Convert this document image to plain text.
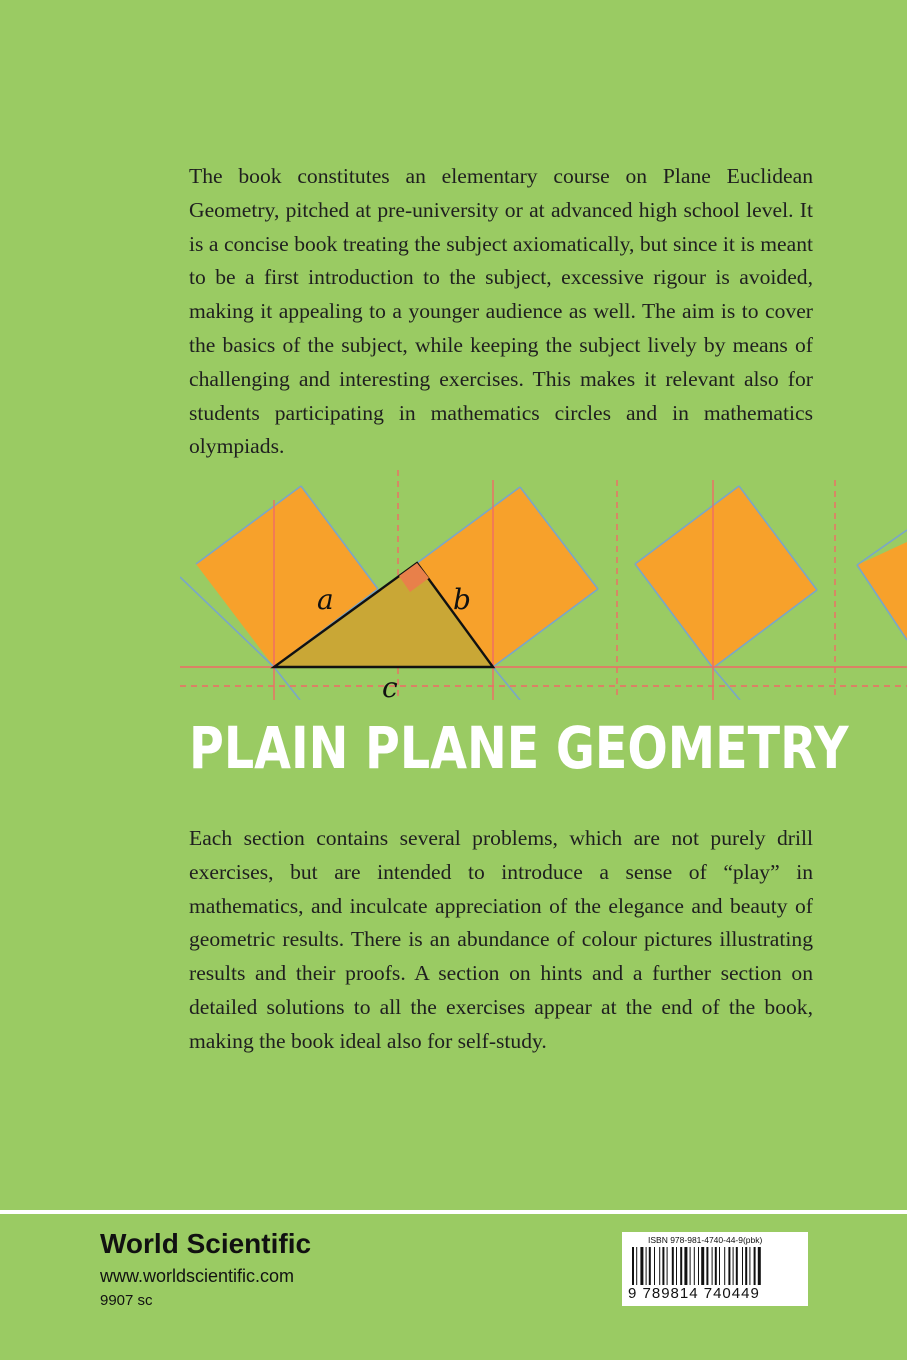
The book constitutes an elementary course on Plane Euclidean Geometry, pitched at pre-university or at advanced high school level. It is a concise book treating the subject axiomatically, but since it is meant to be a first introduction to the subject, excessive rigour is avoided, making it appealing to a younger audience as well. The aim is to cover the basics of the subject, while keeping the subject lively by means of challenging and interesting exercises. This makes it relevant also for students participating in mathematics circles and in mathematics olympiads.

a	b
c
PLAIN PLANE GEOMETRY

Each section contains several problems, which are not purely drill exercises, but are intended to introduce a sense of “play” in mathematics, and inculcate appreciation of the elegance and beauty of geometric results. There is an abundance of colour pictures illustrating results and their proofs. A section on hints and a further section on detailed solutions to all the exercises appear at the end of the book, making the book ideal also for self-study.

World Scientific
www.worldscientific.com
9907 sc
ISBN 978-981-4740-44-9(pbk)
9 789814 740449
